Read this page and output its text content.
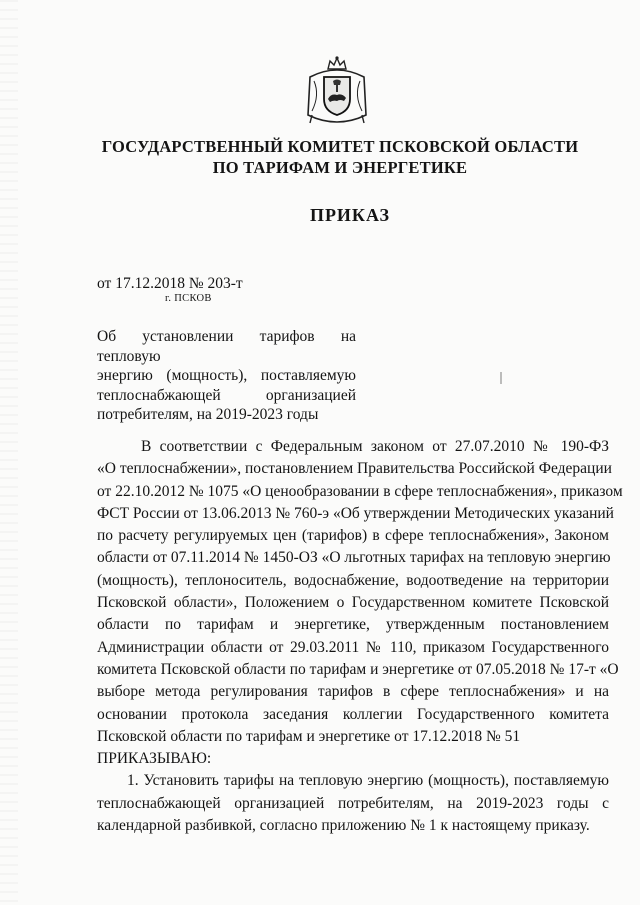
ГОСУДАРСТВЕННЫЙ КОМИТЕТ ПСКОВСКОЙ ОБЛАСТИ
ПО ТАРИФАМ И ЭНЕРГЕТИКЕ
ПРИКАЗ
от 17.12.2018 № 203-т
г. ПСКОВ
Об установлении тарифов на тепловую
энергию (мощность), поставляемую
теплоснабжающей организацией
потребителям, на 2019-2023 годы
В соответствии с Федеральным законом от 27.07.2010 № 190-ФЗ
«О теплоснабжении», постановлением Правительства Российской Федерации
от 22.10.2012 № 1075 «О ценообразовании в сфере теплоснабжения», приказом
ФСТ России от 13.06.2013 № 760-э «Об утверждении Методических указаний
по расчету регулируемых цен (тарифов) в сфере теплоснабжения», Законом
области от 07.11.2014 № 1450-ОЗ «О льготных тарифах на тепловую энергию
(мощность), теплоноситель, водоснабжение, водоотведение на территории
Псковской области», Положением о Государственном комитете Псковской
области по тарифам и энергетике, утвержденным постановлением
Администрации области от 29.03.2011 № 110, приказом Государственного
комитета Псковской области по тарифам и энергетике от 07.05.2018 № 17-т «О
выборе метода регулирования тарифов в сфере теплоснабжения» и на
основании протокола заседания коллегии Государственного комитета
Псковской области по тарифам и энергетике от 17.12.2018 № 51
ПРИКАЗЫВАЮ:
1. Установить тарифы на тепловую энергию (мощность), поставляемую
теплоснабжающей организацией потребителям, на 2019-2023 годы с
календарной разбивкой, согласно приложению № 1 к настоящему приказу.
